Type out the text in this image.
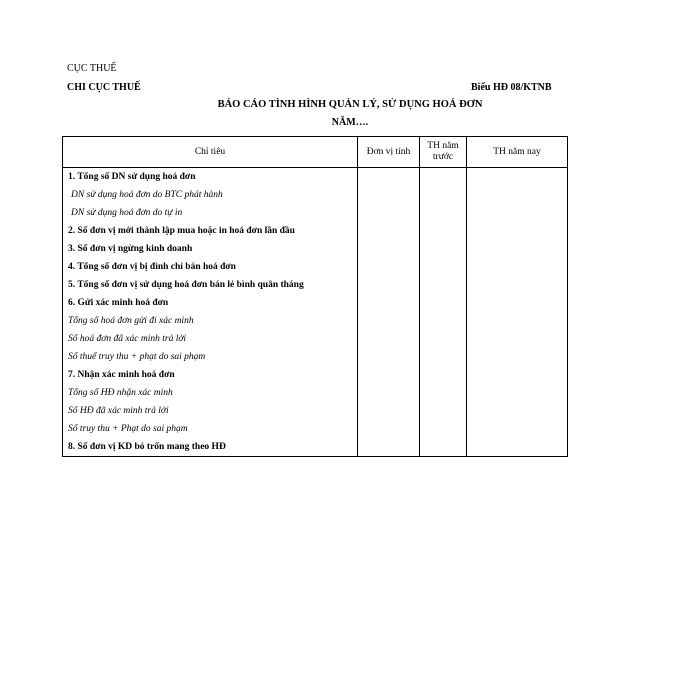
CỤC THUẾ
CHI CỤC THUẾ	Biểu HĐ 08/KTNB
BÁO CÁO TÌNH HÌNH QUẢN LÝ, SỬ DỤNG HOÁ ĐƠN
NĂM….
Chỉ tiêu	Đơn vị tính	TH năm trước	TH năm nay
1. Tổng số DN sử dụng hoá đơn			
DN sử dụng hoá đơn do BTC phát hành			
DN sử dụng hoá đơn do tự in			
2. Số đơn vị mới thành lập mua hoặc in hoá đơn lần đầu			
3. Số đơn vị ngừng kinh doanh			
4. Tổng số đơn vị bị đình chỉ bán hoá đơn			
5. Tổng số đơn vị sử dụng hoá đơn bán lẻ bình quân tháng			
6. Gửi xác minh hoá đơn			
Tổng số hoá đơn gửi đi xác minh			
Số hoá đơn đã xác minh trả lời			
Số thuế truy thu + phạt do sai phạm			
7. Nhận xác minh hoá đơn			
Tổng số HĐ nhận xác minh			
Số HĐ đã xác minh trả lời			
Số truy thu + Phạt do sai phạm			
8. Số đơn vị KD bỏ trốn mang theo HĐ			
